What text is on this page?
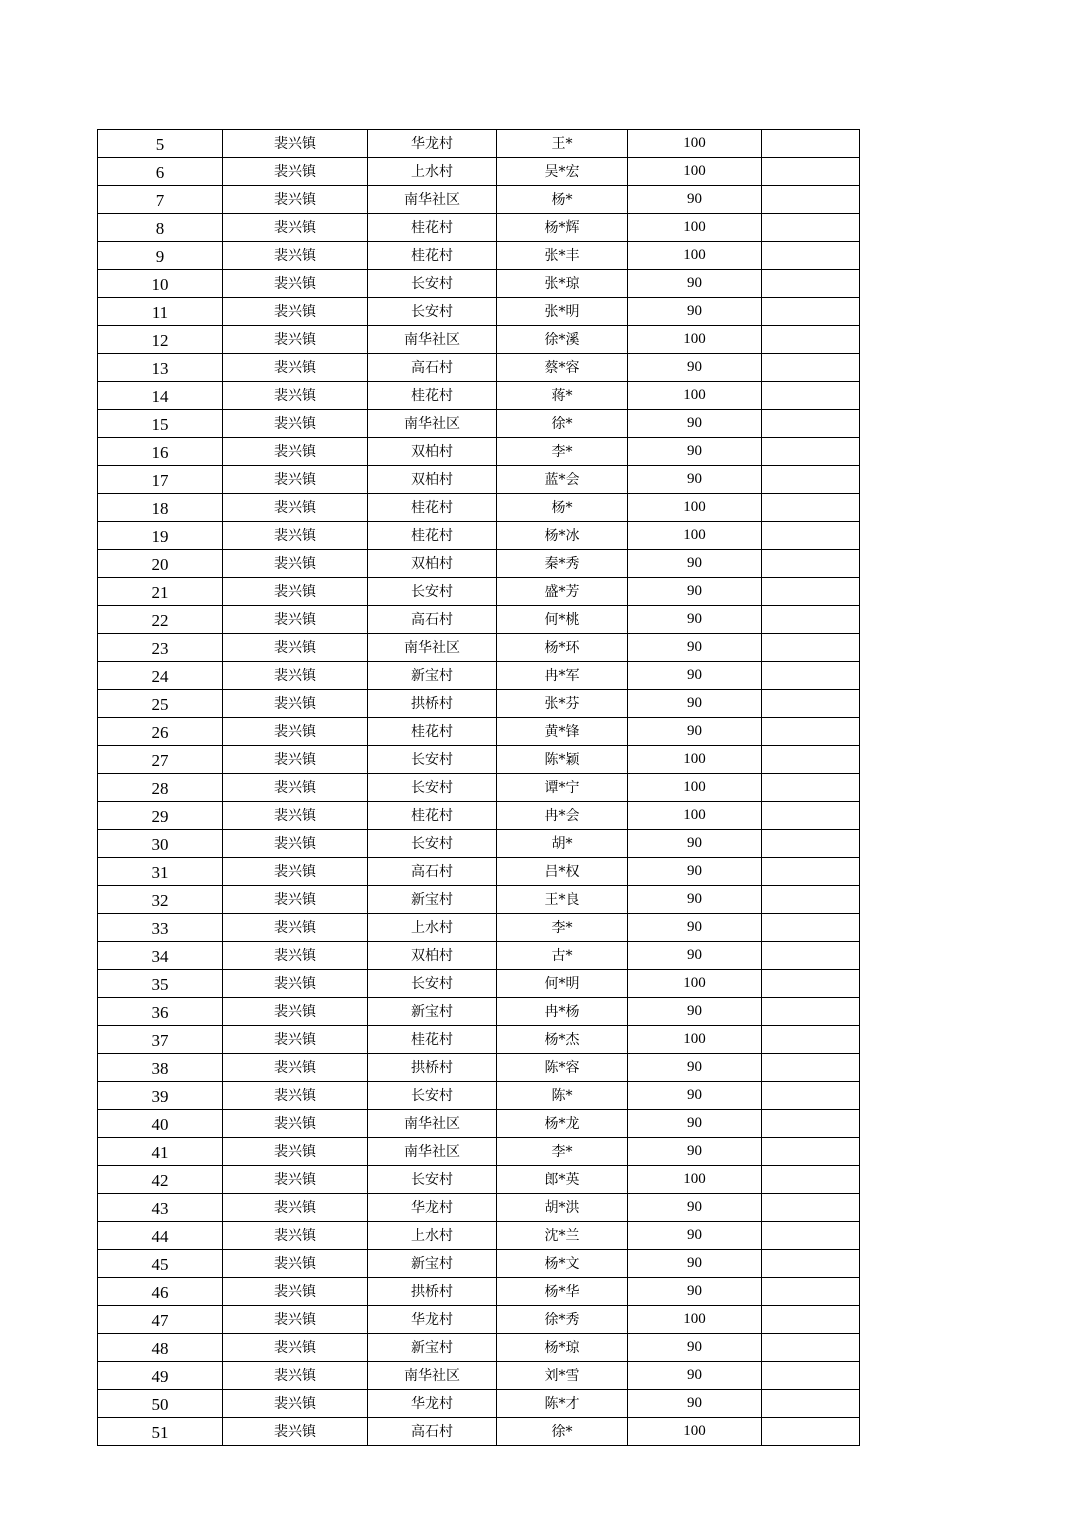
5	裴兴镇	华龙村	王*	100	
6	裴兴镇	上水村	吴*宏	100	
7	裴兴镇	南华社区	杨*	90	
8	裴兴镇	桂花村	杨*辉	100	
9	裴兴镇	桂花村	张*丰	100	
10	裴兴镇	长安村	张*琼	90	
11	裴兴镇	长安村	张*明	90	
12	裴兴镇	南华社区	徐*溪	100	
13	裴兴镇	高石村	蔡*容	90	
14	裴兴镇	桂花村	蒋*	100	
15	裴兴镇	南华社区	徐*	90	
16	裴兴镇	双柏村	李*	90	
17	裴兴镇	双柏村	蓝*会	90	
18	裴兴镇	桂花村	杨*	100	
19	裴兴镇	桂花村	杨*冰	100	
20	裴兴镇	双柏村	秦*秀	90	
21	裴兴镇	长安村	盛*芳	90	
22	裴兴镇	高石村	何*桃	90	
23	裴兴镇	南华社区	杨*环	90	
24	裴兴镇	新宝村	冉*军	90	
25	裴兴镇	拱桥村	张*芬	90	
26	裴兴镇	桂花村	黄*锋	90	
27	裴兴镇	长安村	陈*颖	100	
28	裴兴镇	长安村	谭*宁	100	
29	裴兴镇	桂花村	冉*会	100	
30	裴兴镇	长安村	胡*	90	
31	裴兴镇	高石村	吕*权	90	
32	裴兴镇	新宝村	王*良	90	
33	裴兴镇	上水村	李*	90	
34	裴兴镇	双柏村	古*	90	
35	裴兴镇	长安村	何*明	100	
36	裴兴镇	新宝村	冉*杨	90	
37	裴兴镇	桂花村	杨*杰	100	
38	裴兴镇	拱桥村	陈*容	90	
39	裴兴镇	长安村	陈*	90	
40	裴兴镇	南华社区	杨*龙	90	
41	裴兴镇	南华社区	李*	90	
42	裴兴镇	长安村	郎*英	100	
43	裴兴镇	华龙村	胡*洪	90	
44	裴兴镇	上水村	沈*兰	90	
45	裴兴镇	新宝村	杨*文	90	
46	裴兴镇	拱桥村	杨*华	90	
47	裴兴镇	华龙村	徐*秀	100	
48	裴兴镇	新宝村	杨*琼	90	
49	裴兴镇	南华社区	刘*雪	90	
50	裴兴镇	华龙村	陈*才	90	
51	裴兴镇	高石村	徐*	100	
